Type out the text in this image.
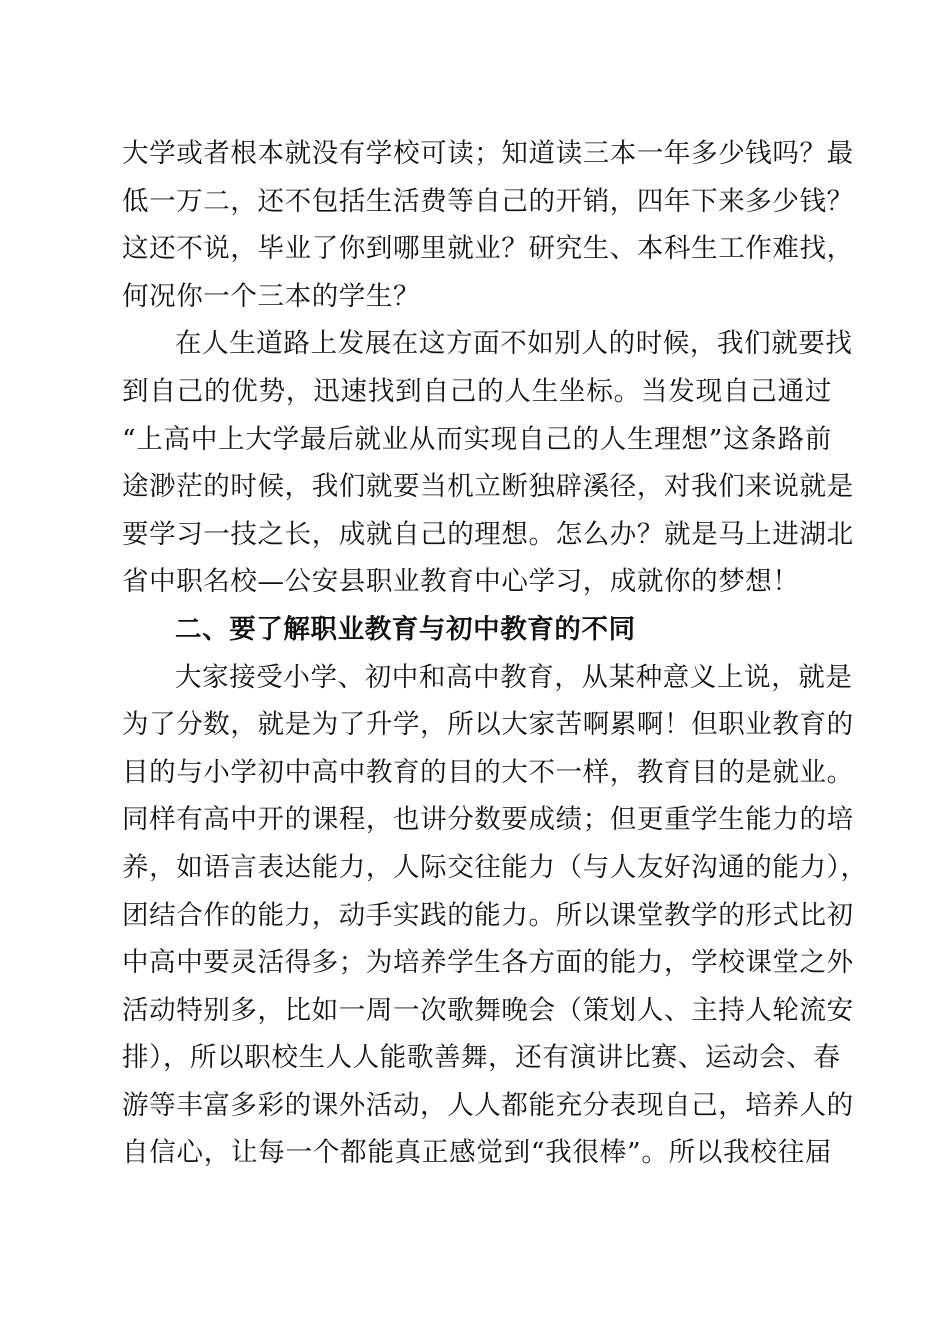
大学或者根本就没有学校可读；知道读三本一年多少钱吗？最
低一万二，还不包括生活费等自己的开销，四年下来多少钱？
这还不说，毕业了你到哪里就业？研究生、本科生工作难找，
何况你一个三本的学生？
在人生道路上发展在这方面不如别人的时候，我们就要找
到自己的优势，迅速找到自己的人生坐标。当发现自己通过
“上高中上大学最后就业从而实现自己的人生理想”这条路前
途渺茫的时候，我们就要当机立断独辟溪径，对我们来说就是
要学习一技之长，成就自己的理想。怎么办？就是马上进湖北
省中职名校—公安县职业教育中心学习，成就你的梦想！
二、要了解职业教育与初中教育的不同
大家接受小学、初中和高中教育，从某种意义上说，就是
为了分数，就是为了升学，所以大家苦啊累啊！但职业教育的
目的与小学初中高中教育的目的大不一样，教育目的是就业。
同样有高中开的课程，也讲分数要成绩；但更重学生能力的培
养，如语言表达能力，人际交往能力（与人友好沟通的能力），
团结合作的能力，动手实践的能力。所以课堂教学的形式比初
中高中要灵活得多；为培养学生各方面的能力，学校课堂之外
活动特别多，比如一周一次歌舞晚会（策划人、主持人轮流安
排），所以职校生人人能歌善舞，还有演讲比赛、运动会、春
游等丰富多彩的课外活动，人人都能充分表现自己，培养人的
自信心，让每一个都能真正感觉到“我很棒”。所以我校往届
